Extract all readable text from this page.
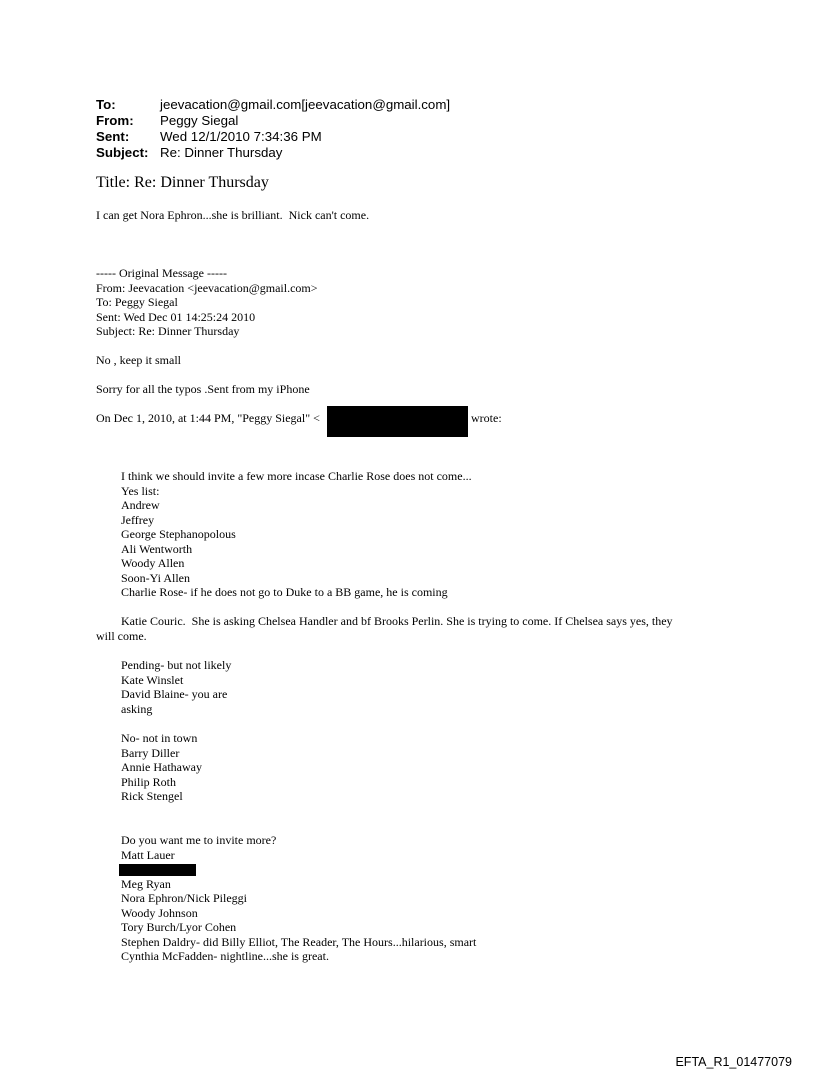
To:	jeevacation@gmail.com[jeevacation@gmail.com]
From:	Peggy Siegal
Sent:	Wed 12/1/2010 7:34:36 PM
Subject: Re: Dinner Thursday
Title: Re: Dinner Thursday
I can get Nora Ephron...she is brilliant.  Nick can't come.
----- Original Message -----
From: Jeevacation <jeevacation@gmail.com>
To: Peggy Siegal
Sent: Wed Dec 01 14:25:24 2010
Subject: Re: Dinner Thursday
No , keep it small
Sorry for all the typos .Sent from my iPhone
On Dec 1, 2010, at 1:44 PM, "Peggy Siegal" <	wrote:
I think we should invite a few more incase Charlie Rose does not come...
Yes list:
Andrew
Jeffrey
George Stephanopolous
Ali Wentworth
Woody Allen
Soon-Yi Allen
Charlie Rose- if he does not go to Duke to a BB game, he is coming
Katie Couric.  She is asking Chelsea Handler and bf Brooks Perlin. She is trying to come. If Chelsea says yes, they
will come.
Pending- but not likely
Kate Winslet
David Blaine- you are
asking
No- not in town
Barry Diller
Annie Hathaway
Philip Roth
Rick Stengel
Do you want me to invite more?
Matt Lauer
Meg Ryan
Nora Ephron/Nick Pileggi
Woody Johnson
Tory Burch/Lyor Cohen
Stephen Daldry- did Billy Elliot, The Reader, The Hours...hilarious, smart
Cynthia McFadden- nightline...she is great.
EFTA_R1_01477079
